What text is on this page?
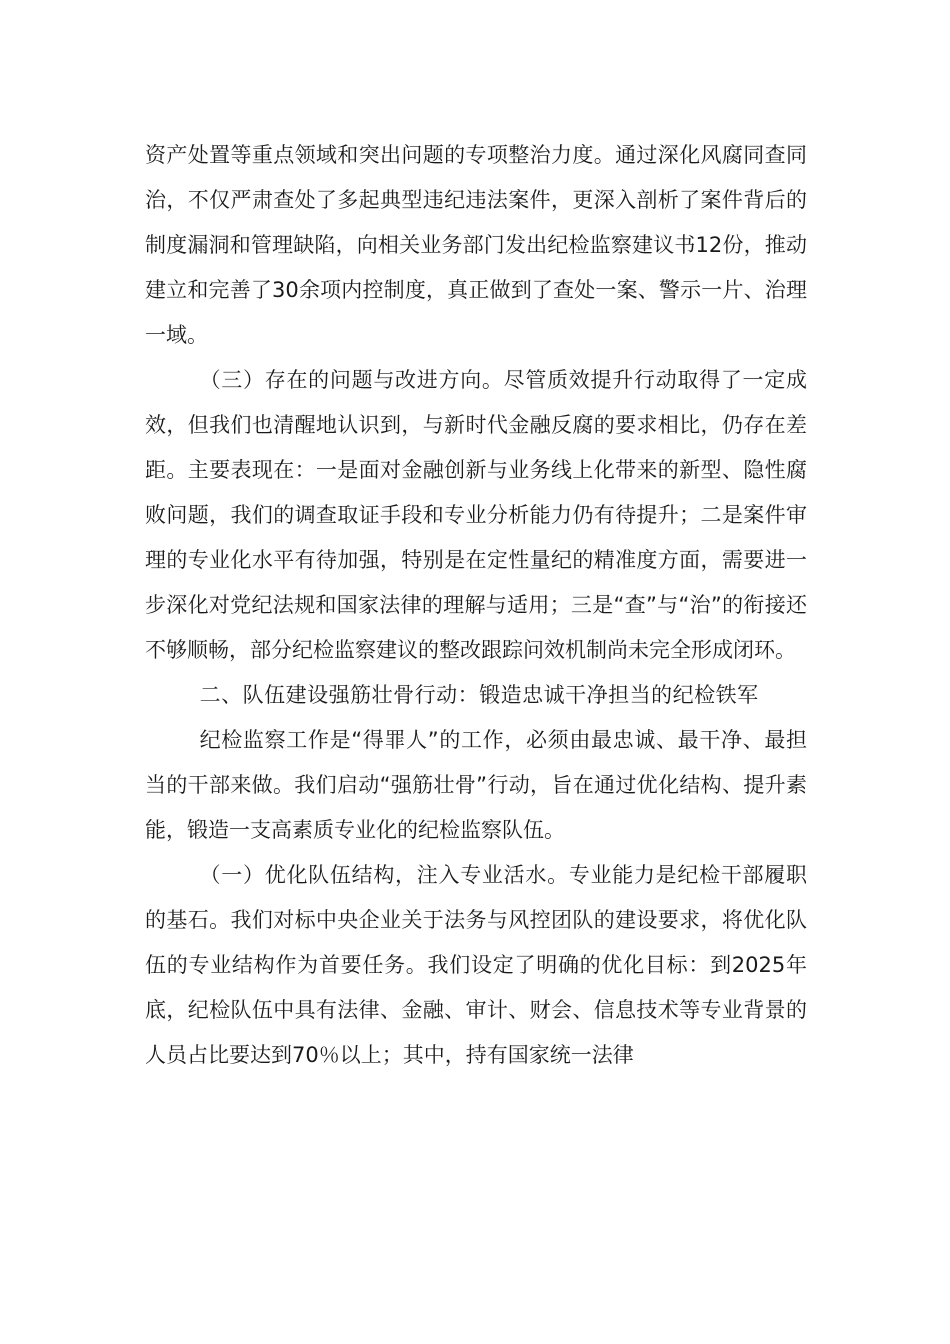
资产处置等重点领域和突出问题的专项整治力度。通过深化风腐同查同治，不仅严肃查处了多起典型违纪违法案件，更深入剖析了案件背后的制度漏洞和管理缺陷，向相关业务部门发出纪检监察建议书12份，推动建立和完善了30余项内控制度，真正做到了查处一案、警示一片、治理一域。

（三）存在的问题与改进方向。尽管质效提升行动取得了一定成效，但我们也清醒地认识到，与新时代金融反腐的要求相比，仍存在差距。主要表现在：一是面对金融创新与业务线上化带来的新型、隐性腐败问题，我们的调查取证手段和专业分析能力仍有待提升；二是案件审理的专业化水平有待加强，特别是在定性量纪的精准度方面，需要进一步深化对党纪法规和国家法律的理解与适用；三是“查”与“治”的衔接还不够顺畅，部分纪检监察建议的整改跟踪问效机制尚未完全形成闭环。

二、队伍建设强筋壮骨行动：锻造忠诚干净担当的纪检铁军

纪检监察工作是“得罪人”的工作，必须由最忠诚、最干净、最担当的干部来做。我们启动“强筋壮骨”行动，旨在通过优化结构、提升素能，锻造一支高素质专业化的纪检监察队伍。

（一）优化队伍结构，注入专业活水。专业能力是纪检干部履职的基石。我们对标中央企业关于法务与风控团队的建设要求，将优化队伍的专业结构作为首要任务。我们设定了明确的优化目标：到2025年底，纪检队伍中具有法律、金融、审计、财会、信息技术等专业背景的人员占比要达到70％以上；其中，持有国家统一法律
